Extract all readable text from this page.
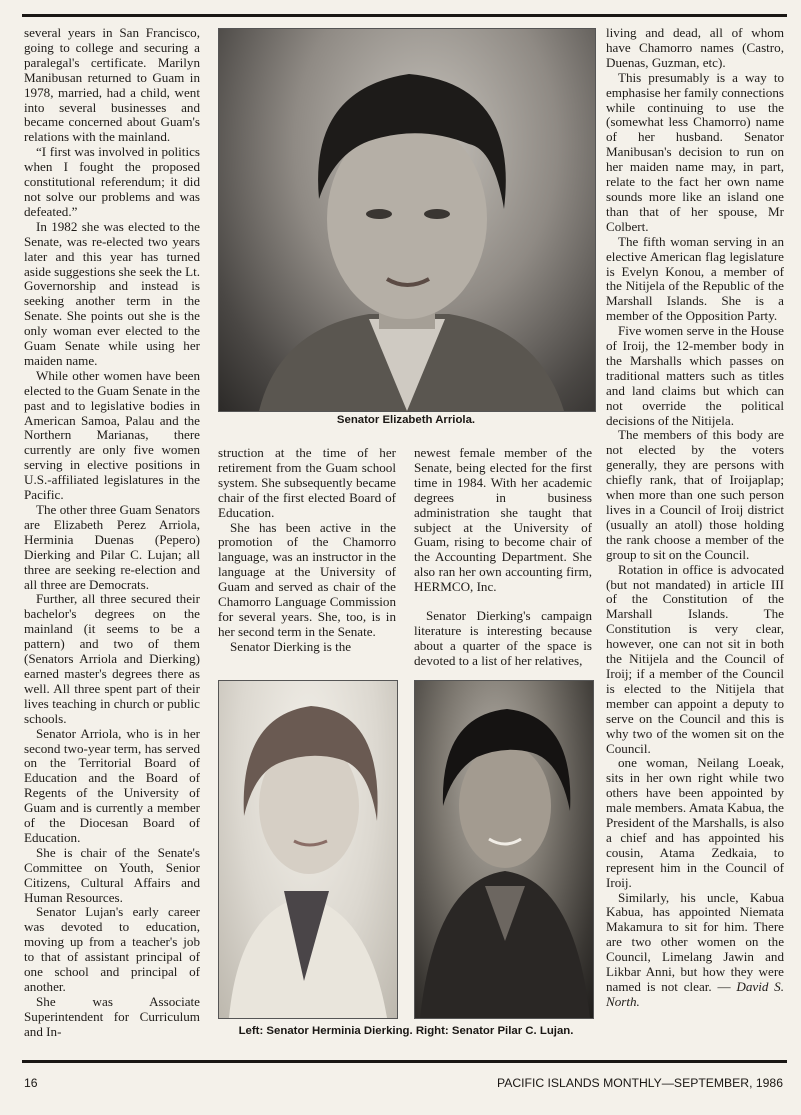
several years in San Francisco, going to college and securing a paralegal's certificate. Marilyn Manibusan returned to Guam in 1978, married, had a child, went into several businesses and became concerned about Guam's relations with the mainland.

“I first was involved in politics when I fought the proposed constitutional referendum; it did not solve our problems and was defeated.”

In 1982 she was elected to the Senate, was re-elected two years later and this year has turned aside suggestions she seek the Lt. Governorship and instead is seeking another term in the Senate. She points out she is the only woman ever elected to the Guam Senate while using her maiden name.

While other women have been elected to the Guam Senate in the past and to legislative bodies in American Samoa, Palau and the Northern Marianas, there currently are only five women serving in elective positions in U.S.-affiliated legislatures in the Pacific.

The other three Guam Senators are Elizabeth Perez Arriola, Herminia Duenas (Pepero) Dierking and Pilar C. Lujan; all three are seeking re-election and all three are Democrats.

Further, all three secured their bachelor's degrees on the mainland (it seems to be a pattern) and two of them (Senators Arriola and Dierking) earned master's degrees there as well. All three spent part of their lives teaching in church or public schools.

Senator Arriola, who is in her second two-year term, has served on the Territorial Board of Education and the Board of Regents of the University of Guam and is currently a member of the Diocesan Board of Education.

She is chair of the Senate's Committee on Youth, Senior Citizens, Cultural Affairs and Human Resources.

Senator Lujan's early career was devoted to education, moving up from a teacher's job to that of assistant principal of one school and principal of another.

She was Associate Superintendent for Curriculum and In-

Senator Elizabeth Arriola.

struction at the time of her retirement from the Guam school system. She subsequently became chair of the first elected Board of Education.

She has been active in the promotion of the Chamorro language, was an instructor in the language at the University of Guam and served as chair of the Chamorro Language Commission for several years. She, too, is in her second term in the Senate.

Senator Dierking is the

newest female member of the Senate, being elected for the first time in 1984. With her academic degrees in business administration she taught that subject at the University of Guam, rising to become chair of the Accounting Department. She also ran her own accounting firm, HERMCO, Inc.

Senator Dierking's campaign literature is interesting because about a quarter of the space is devoted to a list of her relatives,

Left: Senator Herminia Dierking. Right: Senator Pilar C. Lujan.

living and dead, all of whom have Chamorro names (Castro, Duenas, Guzman, etc).

This presumably is a way to emphasise her family connections while continuing to use the (somewhat less Chamorro) name of her husband. Senator Manibusan's decision to run on her maiden name may, in part, relate to the fact her own name sounds more like an island one than that of her spouse, Mr Colbert.

The fifth woman serving in an elective American flag legislature is Evelyn Konou, a member of the Nitijela of the Republic of the Marshall Islands. She is a member of the Opposition Party.

Five women serve in the House of Iroij, the 12-member body in the Marshalls which passes on traditional matters such as titles and land claims but which can not override the political decisions of the Nitijela.

The members of this body are not elected by the voters generally, they are persons with chiefly rank, that of Iroijaplap; when more than one such person lives in a Council of Iroij district (usually an atoll) those holding the rank choose a member of the group to sit on the Council.

Rotation in office is advocated (but not mandated) in article III of the Constitution of the Marshall Islands. The Constitution is very clear, however, one can not sit in both the Nitijela and the Council of Iroij; if a member of the Council is elected to the Nitijela that member can appoint a deputy to serve on the Council and this is why two of the women sit on the Council.

one woman, Neilang Loeak, sits in her own right while two others have been appointed by male members. Amata Kabua, the President of the Marshalls, is also a chief and has appointed his cousin, Atama Zedkaia, to represent him in the Council of Iroij.

Similarly, his uncle, Kabua Kabua, has appointed Niemata Makamura to sit for him. There are two other women on the Council, Limelang Jawin and Likbar Anni, but how they were named is not clear. — David S. North.

16	PACIFIC ISLANDS MONTHLY—SEPTEMBER, 1986
